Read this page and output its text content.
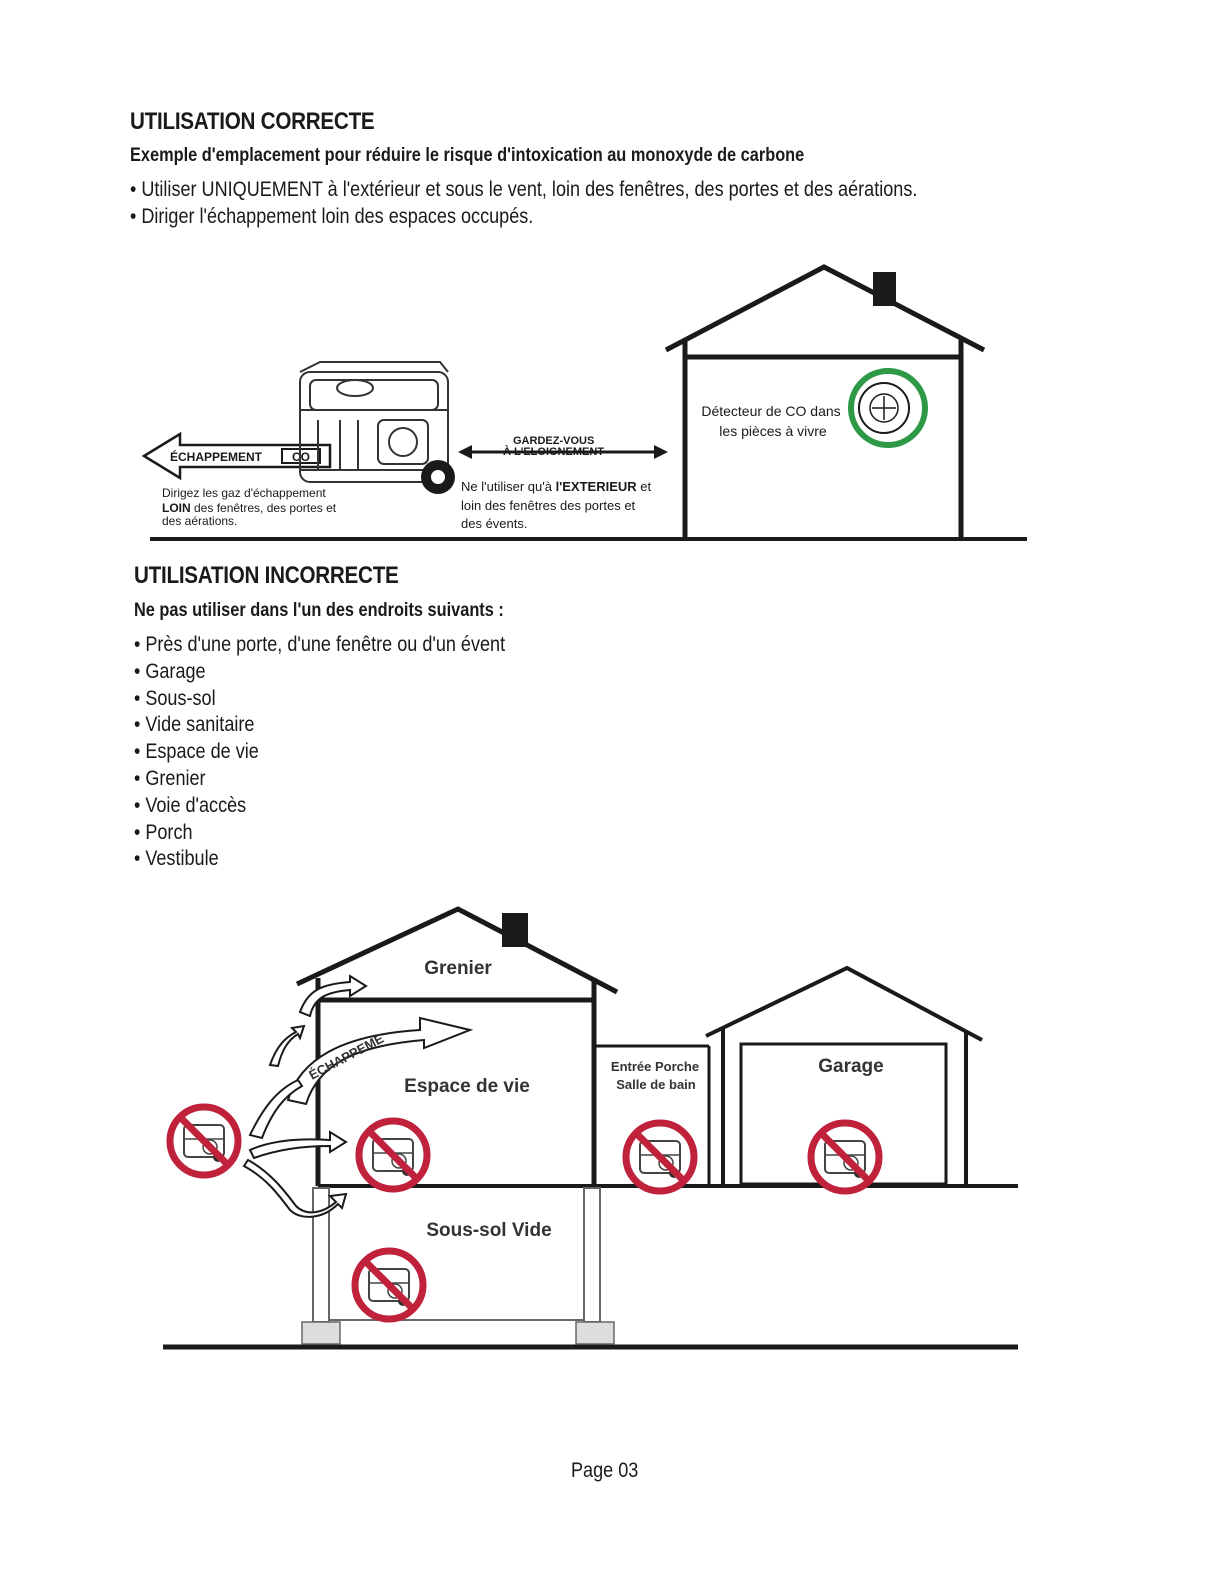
UTILISATION CORRECTE
Exemple d'emplacement pour réduire le risque d'intoxication au monoxyde de carbone
• Utiliser UNIQUEMENT à l'extérieur et sous le vent, loin des fenêtres, des portes et des aérations.
• Diriger l'échappement loin des espaces occupés.
Détecteur de CO dans
les pièces à vivre
ÉCHAPPEMENT CO
GARDEZ-VOUS
À L'ELOIGNEMENT
Dirigez les gaz d'échappement
LOIN des fenêtres, des portes et
des aérations.
Ne l'utiliser qu'à l'EXTERIEUR et
loin des fenêtres des portes et
des évents.
UTILISATION INCORRECTE
Ne pas utiliser dans l'un des endroits suivants :
• Près d'une porte, d'une fenêtre ou d'un évent
• Garage
• Sous-sol
• Vide sanitaire
• Espace de vie
• Grenier
• Voie d'accès
• Porch
• Vestibule
Grenier
Espace de vie
ÉCHAPPEME	Entrée Porche
Salle de bain
Garage
Sous-sol Vide
Page 03
